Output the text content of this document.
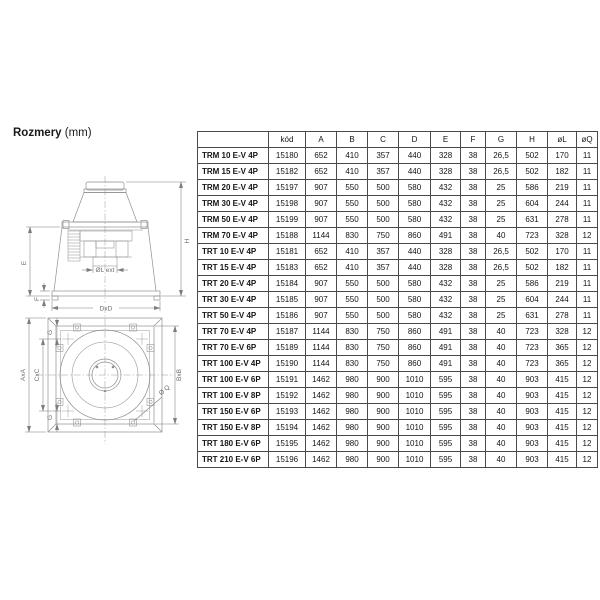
Rozmery (mm)
E
F
H
ØL ext
DxD
AxA CxC
G
G
BxB
Ø Q
	kód	A	B	C	D	E	F	G	H	øL	øQ
TRM 10 E-V 4P	15180	652	410	357	440	328	38	26,5	502	170	11
TRM 15 E-V 4P	15182	652	410	357	440	328	38	26,5	502	182	11
TRM 20 E-V 4P	15197	907	550	500	580	432	38	25	586	219	11
TRM 30 E-V 4P	15198	907	550	500	580	432	38	25	604	244	11
TRM 50 E-V 4P	15199	907	550	500	580	432	38	25	631	278	11
TRM 70 E-V 4P	15188	1144	830	750	860	491	38	40	723	328	12
TRT 10 E-V 4P	15181	652	410	357	440	328	38	26,5	502	170	11
TRT 15 E-V 4P	15183	652	410	357	440	328	38	26,5	502	182	11
TRT 20 E-V 4P	15184	907	550	500	580	432	38	25	586	219	11
TRT 30 E-V 4P	15185	907	550	500	580	432	38	25	604	244	11
TRT 50 E-V 4P	15186	907	550	500	580	432	38	25	631	278	11
TRT 70 E-V 4P	15187	1144	830	750	860	491	38	40	723	328	12
TRT 70 E-V 6P	15189	1144	830	750	860	491	38	40	723	365	12
TRT 100 E-V 4P	15190	1144	830	750	860	491	38	40	723	365	12
TRT 100 E-V 6P	15191	1462	980	900	1010	595	38	40	903	415	12
TRT 100 E-V 8P	15192	1462	980	900	1010	595	38	40	903	415	12
TRT 150 E-V 6P	15193	1462	980	900	1010	595	38	40	903	415	12
TRT 150 E-V 8P	15194	1462	980	900	1010	595	38	40	903	415	12
TRT 180 E-V 6P	15195	1462	980	900	1010	595	38	40	903	415	12
TRT 210 E-V 6P	15196	1462	980	900	1010	595	38	40	903	415	12
